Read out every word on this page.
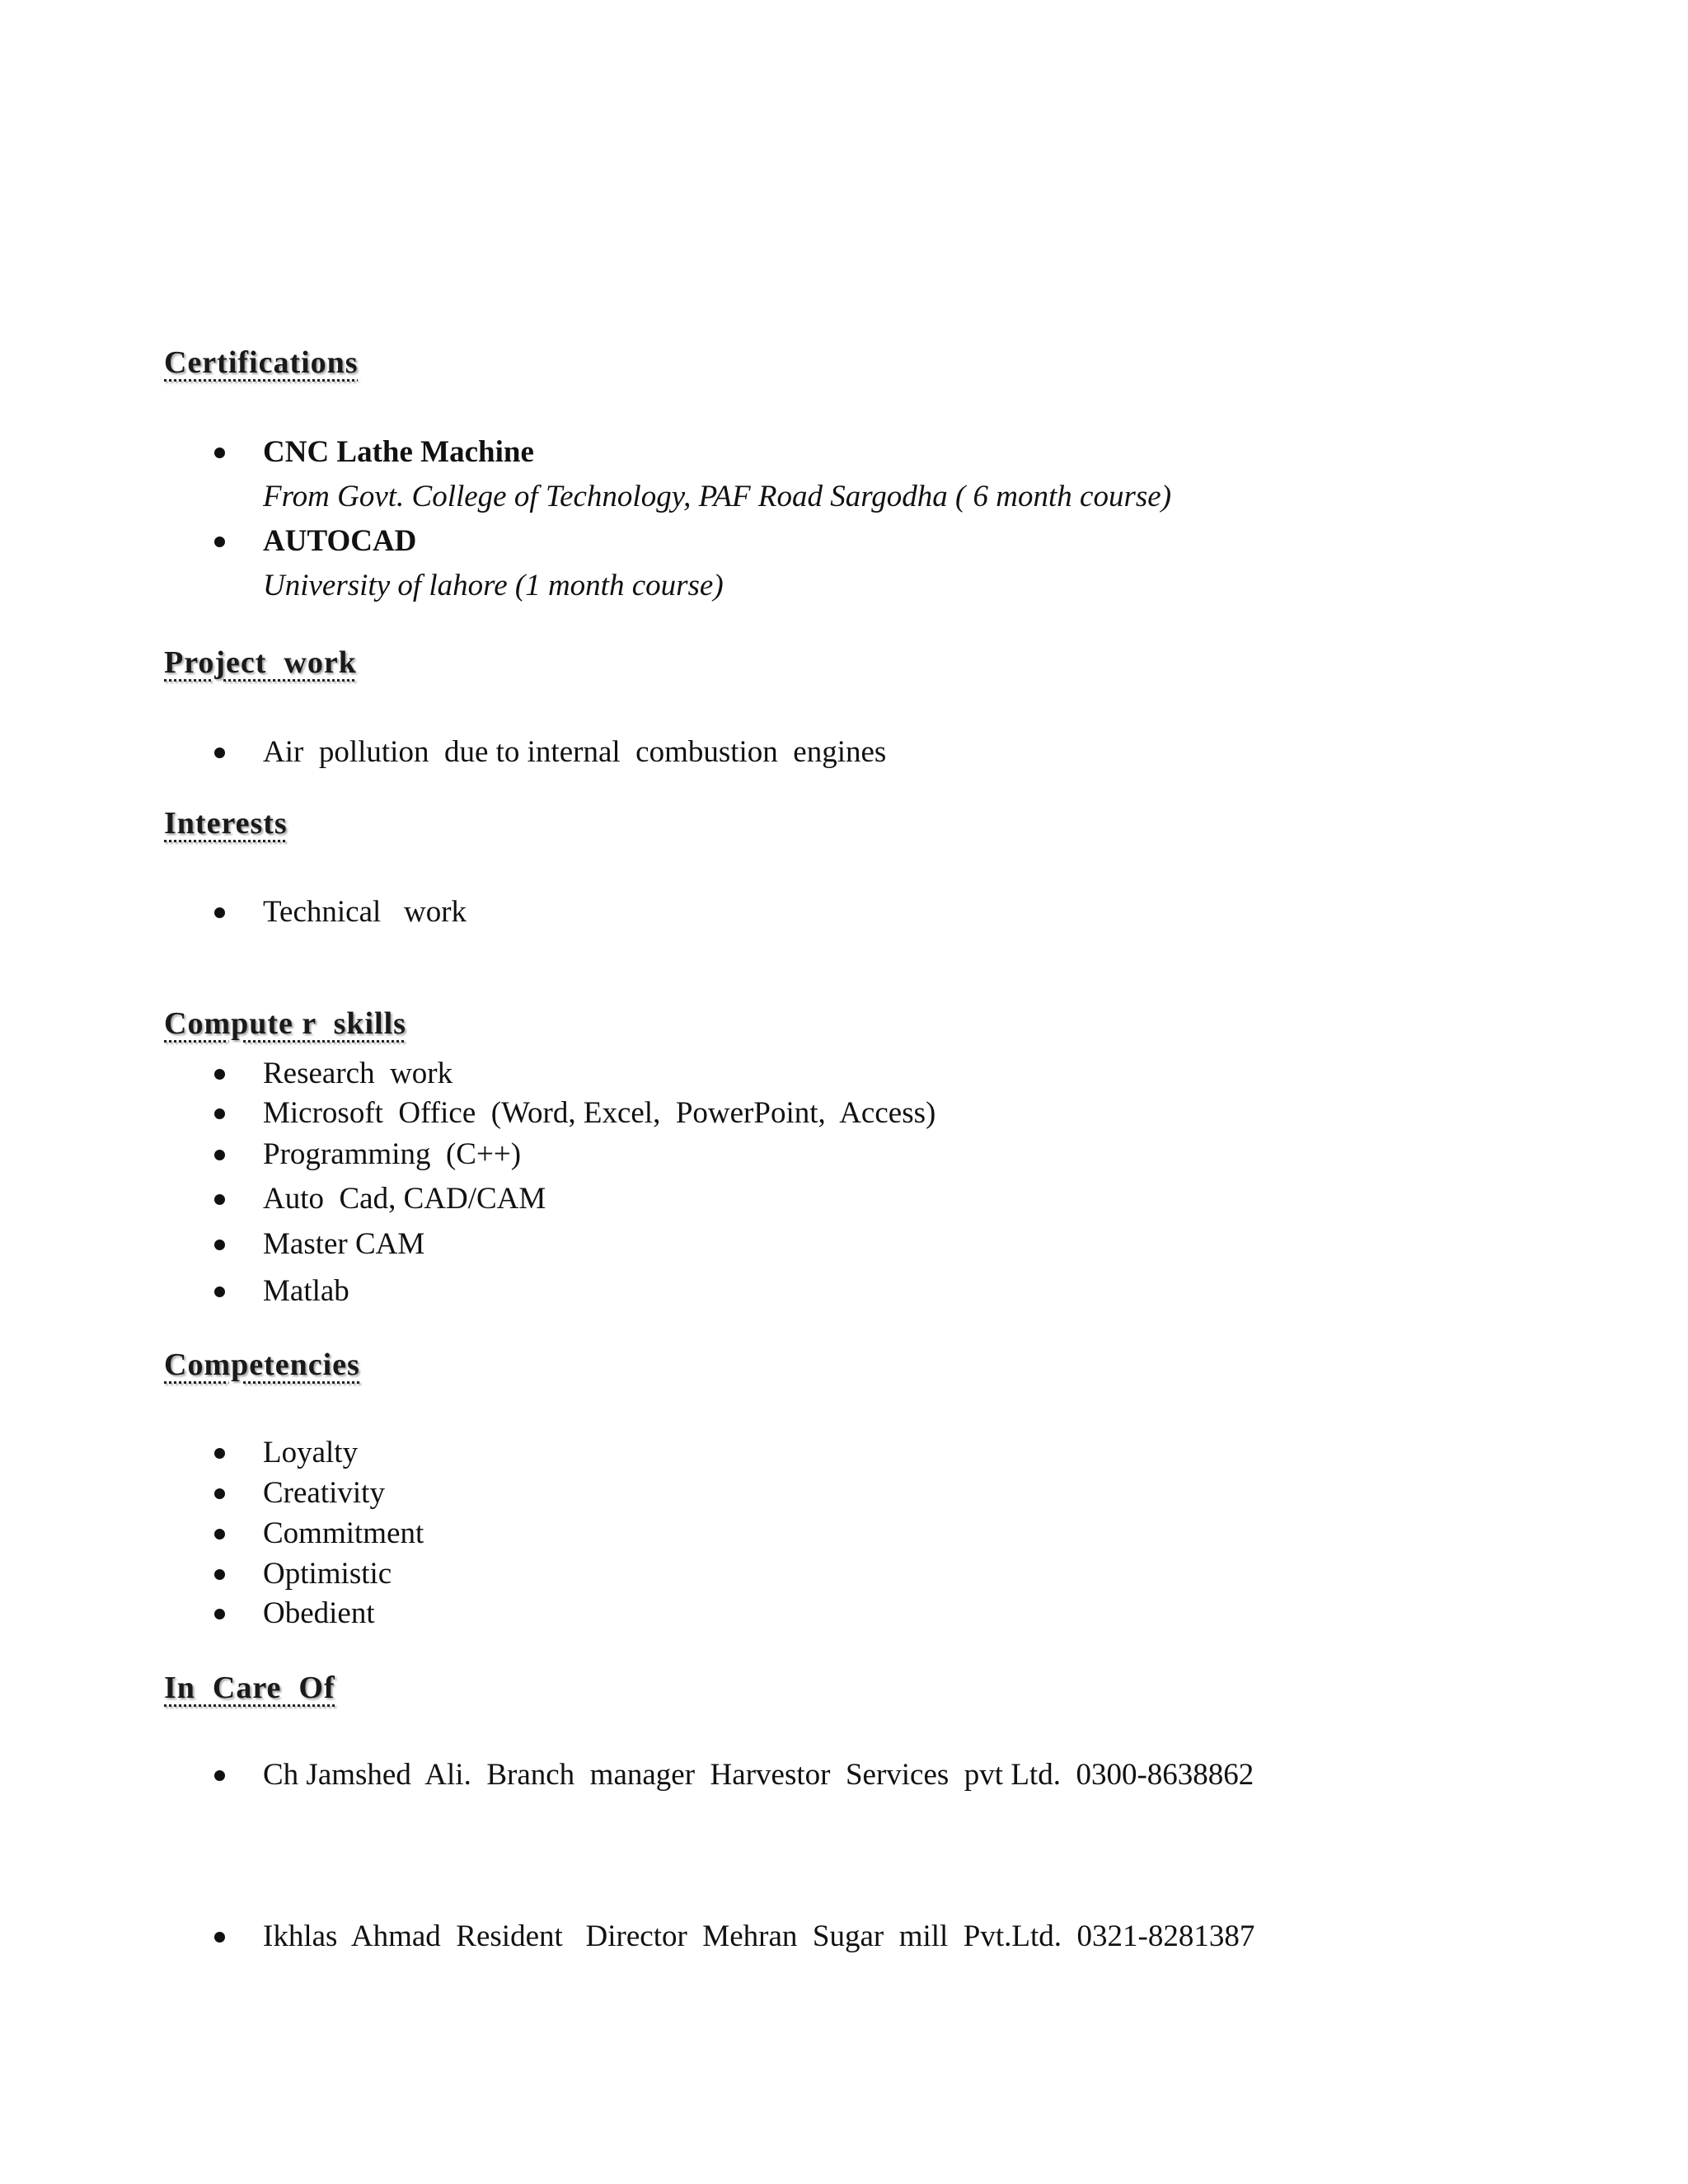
Certifications

CNC Lathe Machine

From Govt. College of Technology, PAF Road Sargodha ( 6 month course)

AUTOCAD

University of lahore (1 month course)

Project  work

Air  pollution  due to internal  combustion  engines

Interests

Technical   work

Research  work

Compute r  skills

Microsoft  Office  (Word, Excel,  PowerPoint,  Access)

Programming  (C++)

Auto  Cad, CAD/CAM

Master CAM

Matlab

Competencies

Loyalty

Creativity

Commitment

Optimistic

Obedient

In  Care  Of

Ch Jamshed  Ali.  Branch  manager  Harvestor  Services  pvt Ltd.  0300-8638862

Ikhlas  Ahmad  Resident   Director  Mehran  Sugar  mill  Pvt.Ltd.  0321-8281387
